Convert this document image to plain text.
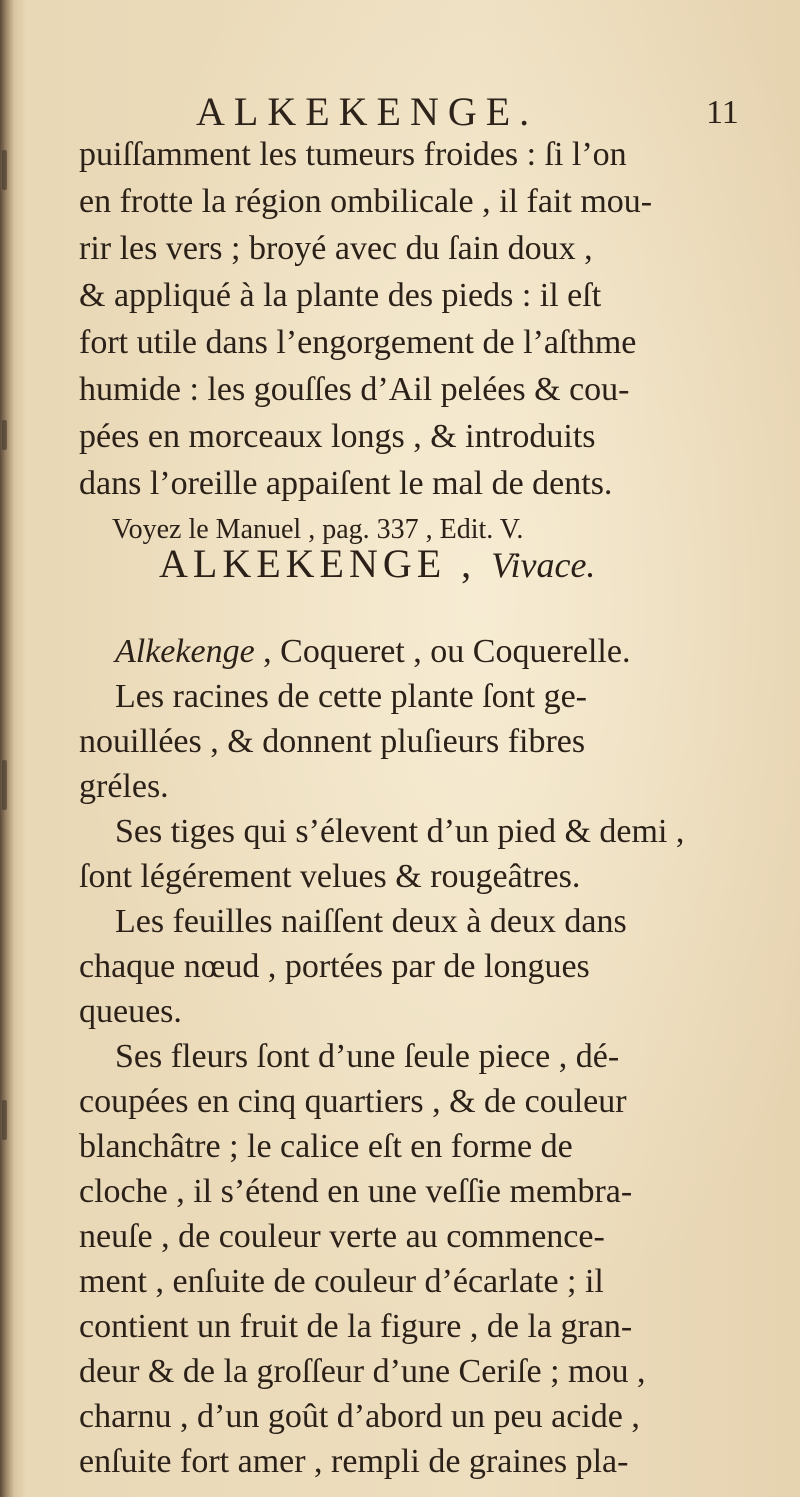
ALKEKENGE.	11
puiſſamment les tumeurs froides : ſi l’on
en frotte la région ombilicale , il fait mou-
rir les vers ; broyé avec du ſain doux ,
& appliqué à la plante des pieds : il eſt
fort utile dans l’engorgement de l’aſthme
humide : les gouſſes d’Ail pelées & cou-
pées en morceaux longs , & introduits
dans l’oreille appaiſent le mal de dents.
Voyez le Manuel , pag. 337 , Edit. V.
ALKEKENGE , Vivace.
Alkekenge , Coqueret , ou Coquerelle.
Les racines de cette plante ſont ge-
nouillées , & donnent pluſieurs fibres
gréles.
Ses tiges qui s’élevent d’un pied & demi ,
ſont légérement velues & rougeâtres.
Les feuilles naiſſent deux à deux dans
chaque nœud , portées par de longues
queues.
Ses fleurs ſont d’une ſeule piece , dé-
coupées en cinq quartiers , & de couleur
blanchâtre ; le calice eſt en forme de
cloche , il s’étend en une veſſie membra-
neuſe , de couleur verte au commence-
ment , enſuite de couleur d’écarlate ; il
contient un fruit de la figure , de la gran-
deur & de la groſſeur d’une Ceriſe ; mou ,
charnu , d’un goût d’abord un peu acide ,
enſuite fort amer , rempli de graines pla-
